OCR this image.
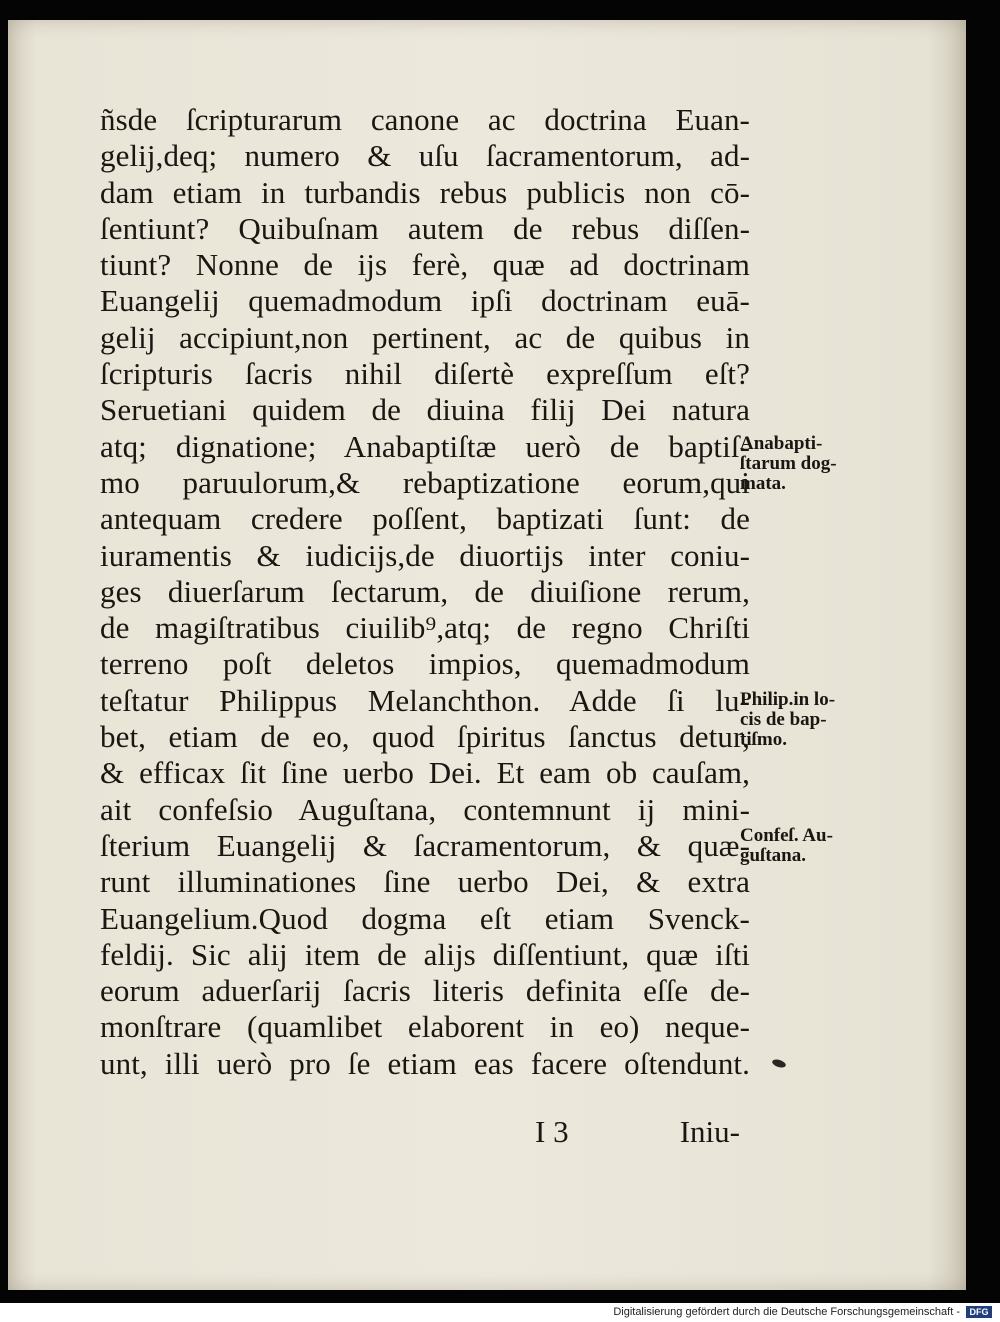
ñsde ſcripturarum canone ac doctrina Euan-
gelij,deq; numero & uſu ſacramentorum, ad-
dam etiam in turbandis rebus publicis non cō-
ſentiunt? Quibuſnam autem de rebus diſſen-
tiunt? Nonne de ijs ferè, quæ ad doctrinam
Euangelij quemadmodum ipſi doctrinam euā-
gelij accipiunt,non pertinent, ac de quibus in
ſcripturis ſacris nihil diſertè expreſſum eſt?
Seruetiani quidem de diuina filij Dei natura
atq; dignatione; Anabaptiſtæ uerò de baptiſ-
mo paruulorum,& rebaptizatione eorum,qui
antequam credere poſſent, baptizati ſunt: de
iuramentis & iudicijs,de diuortijs inter coniu-
ges diuerſarum ſectarum, de diuiſione rerum,
de magiſtratibus ciuilib⁹,atq; de regno Chriſti
terreno poſt deletos impios, quemadmodum
teſtatur Philippus Melanchthon. Adde ſi lu-
bet, etiam de eo, quod ſpiritus ſanctus detur,
& efficax ſit ſine uerbo Dei. Et eam ob cauſam,
ait confeſsio Auguſtana, contemnunt ij mini-
ſterium Euangelij & ſacramentorum, & quæ-
runt illuminationes ſine uerbo Dei, & extra
Euangelium.Quod dogma eſt etiam Svenck-
feldij. Sic alij item de alijs diſſentiunt, quæ iſti
eorum aduerſarij ſacris literis definita eſſe de-
monſtrare (quamlibet elaborent in eo) neque-
unt, illi uerò pro ſe etiam eas facere oſtendunt.
Anabapti-
ſtarum dog-
mata.
Philip.in lo-
cis de bap-
tiſmo.
Confeſ. Au-
guſtana.
I 3	Iniu-
Digitalisierung gefördert durch die Deutsche Forschungsgemeinschaft -	DFG
